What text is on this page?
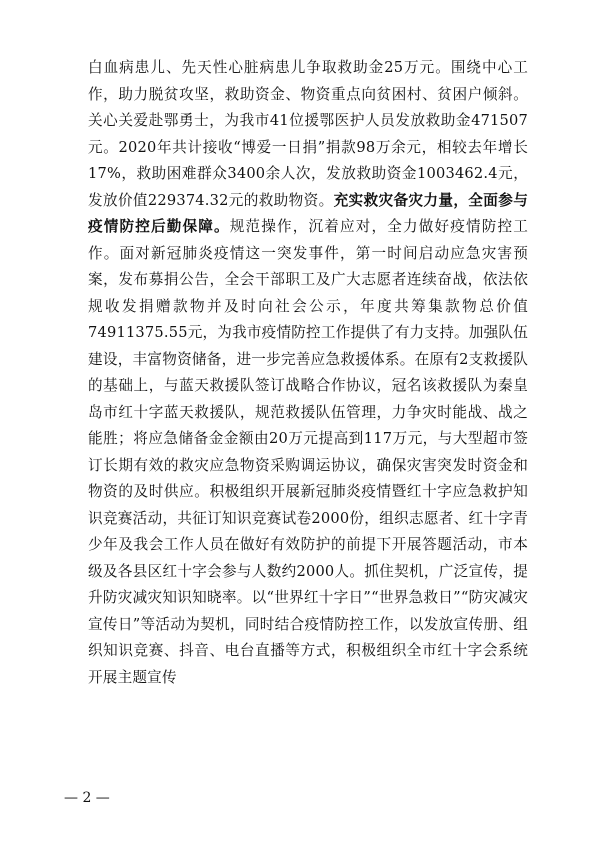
白血病患儿、先天性心脏病患儿争取救助金25万元。围绕中心工作，助力脱贫攻坚，救助资金、物资重点向贫困村、贫困户倾斜。关心关爱赴鄂勇士，为我市41位援鄂医护人员发放救助金471507元。2020年共计接收“博爱一日捐”捐款98万余元，相较去年增长17%，救助困难群众3400余人次，发放救助资金1003462.4元，发放价值229374.32元的救助物资。充实救灾备灾力量，全面参与疫情防控后勤保障。规范操作，沉着应对，全力做好疫情防控工作。面对新冠肺炎疫情这一突发事件，第一时间启动应急灾害预案，发布募捐公告，全会干部职工及广大志愿者连续奋战，依法依规收发捐赠款物并及时向社会公示，年度共筹集款物总价值74911375.55元，为我市疫情防控工作提供了有力支持。加强队伍建设，丰富物资储备，进一步完善应急救援体系。在原有2支救援队的基础上，与蓝天救援队签订战略合作协议，冠名该救援队为秦皇岛市红十字蓝天救援队，规范救援队伍管理，力争灾时能战、战之能胜；将应急储备金金额由20万元提高到117万元，与大型超市签订长期有效的救灾应急物资采购调运协议，确保灾害突发时资金和物资的及时供应。积极组织开展新冠肺炎疫情暨红十字应急救护知识竞赛活动，共征订知识竞赛试卷2000份，组织志愿者、红十字青少年及我会工作人员在做好有效防护的前提下开展答题活动，市本级及各县区红十字会参与人数约2000人。抓住契机，广泛宣传，提升防灾减灾知识知晓率。以“世界红十字日”“世界急救日”“防灾减灾宣传日”等活动为契机，同时结合疫情防控工作，以发放宣传册、组织知识竞赛、抖音、电台直播等方式，积极组织全市红十字会系统开展主题宣传
— 2 —
